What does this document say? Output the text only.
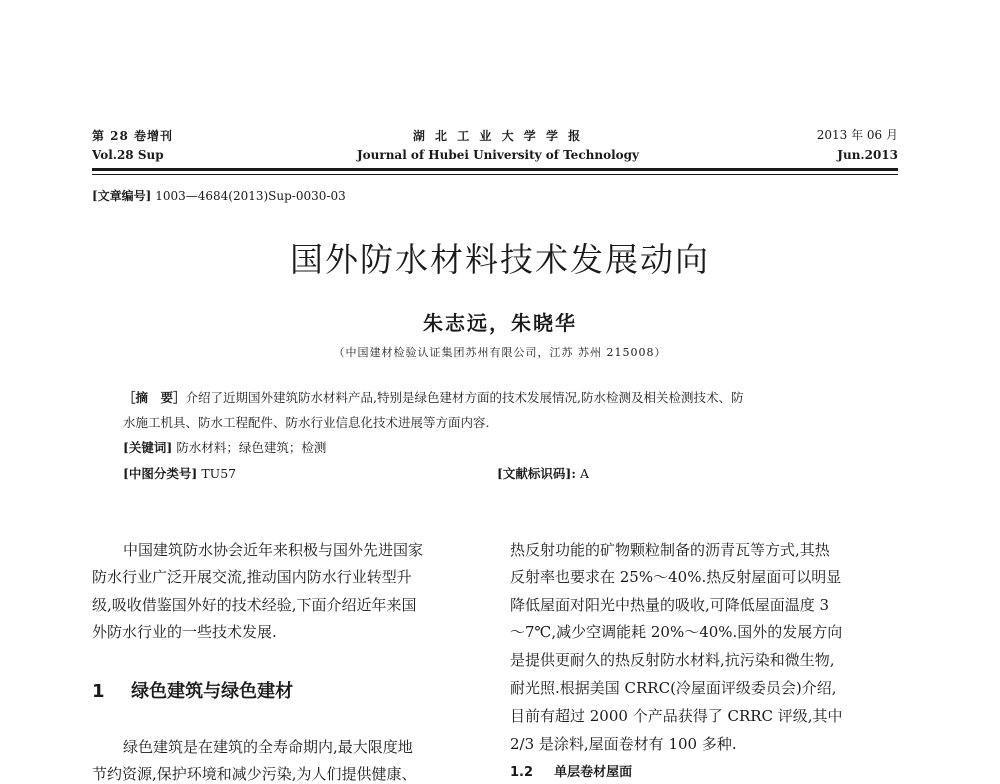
第 28 卷增刊
Vol.28 Sup
湖 北 工 业 大 学 学 报
Journal of Hubei University of Technology
2013 年 06 月
Jun.2013
[文章编号] 1003—4684(2013)Sup-0030-03
国外防水材料技术发展动向
朱志远，朱晓华
（中国建材检验认证集团苏州有限公司，江苏 苏州 215008）
［摘　要］介绍了近期国外建筑防水材料产品,特别是绿色建材方面的技术发展情况,防水检测及相关检测技术、防
水施工机具、防水工程配件、防水行业信息化技术进展等方面内容.
[关键词] 防水材料；绿色建筑；检测
[中图分类号] TU57	[文献标识码]: A
中国建筑防水协会近年来积极与国外先进国家
防水行业广泛开展交流,推动国内防水行业转型升
级,吸收借鉴国外好的技术经验,下面介绍近年来国
外防水行业的一些技术发展.
1 绿色建筑与绿色建材
绿色建筑是在建筑的全寿命期内,最大限度地
节约资源,保护环境和减少污染,为人们提供健康、
热反射功能的矿物颗粒制备的沥青瓦等方式,其热
反射率也要求在 25%～40%.热反射屋面可以明显
降低屋面对阳光中热量的吸收,可降低屋面温度 3
～7℃,减少空调能耗 20%～40%.国外的发展方向
是提供更耐久的热反射防水材料,抗污染和微生物,
耐光照.根据美国 CRRC(冷屋面评级委员会)介绍,
目前有超过 2000 个产品获得了 CRRC 评级,其中
2/3 是涂料,屋面卷材有 100 多种.
1.2 单层卷材屋面
